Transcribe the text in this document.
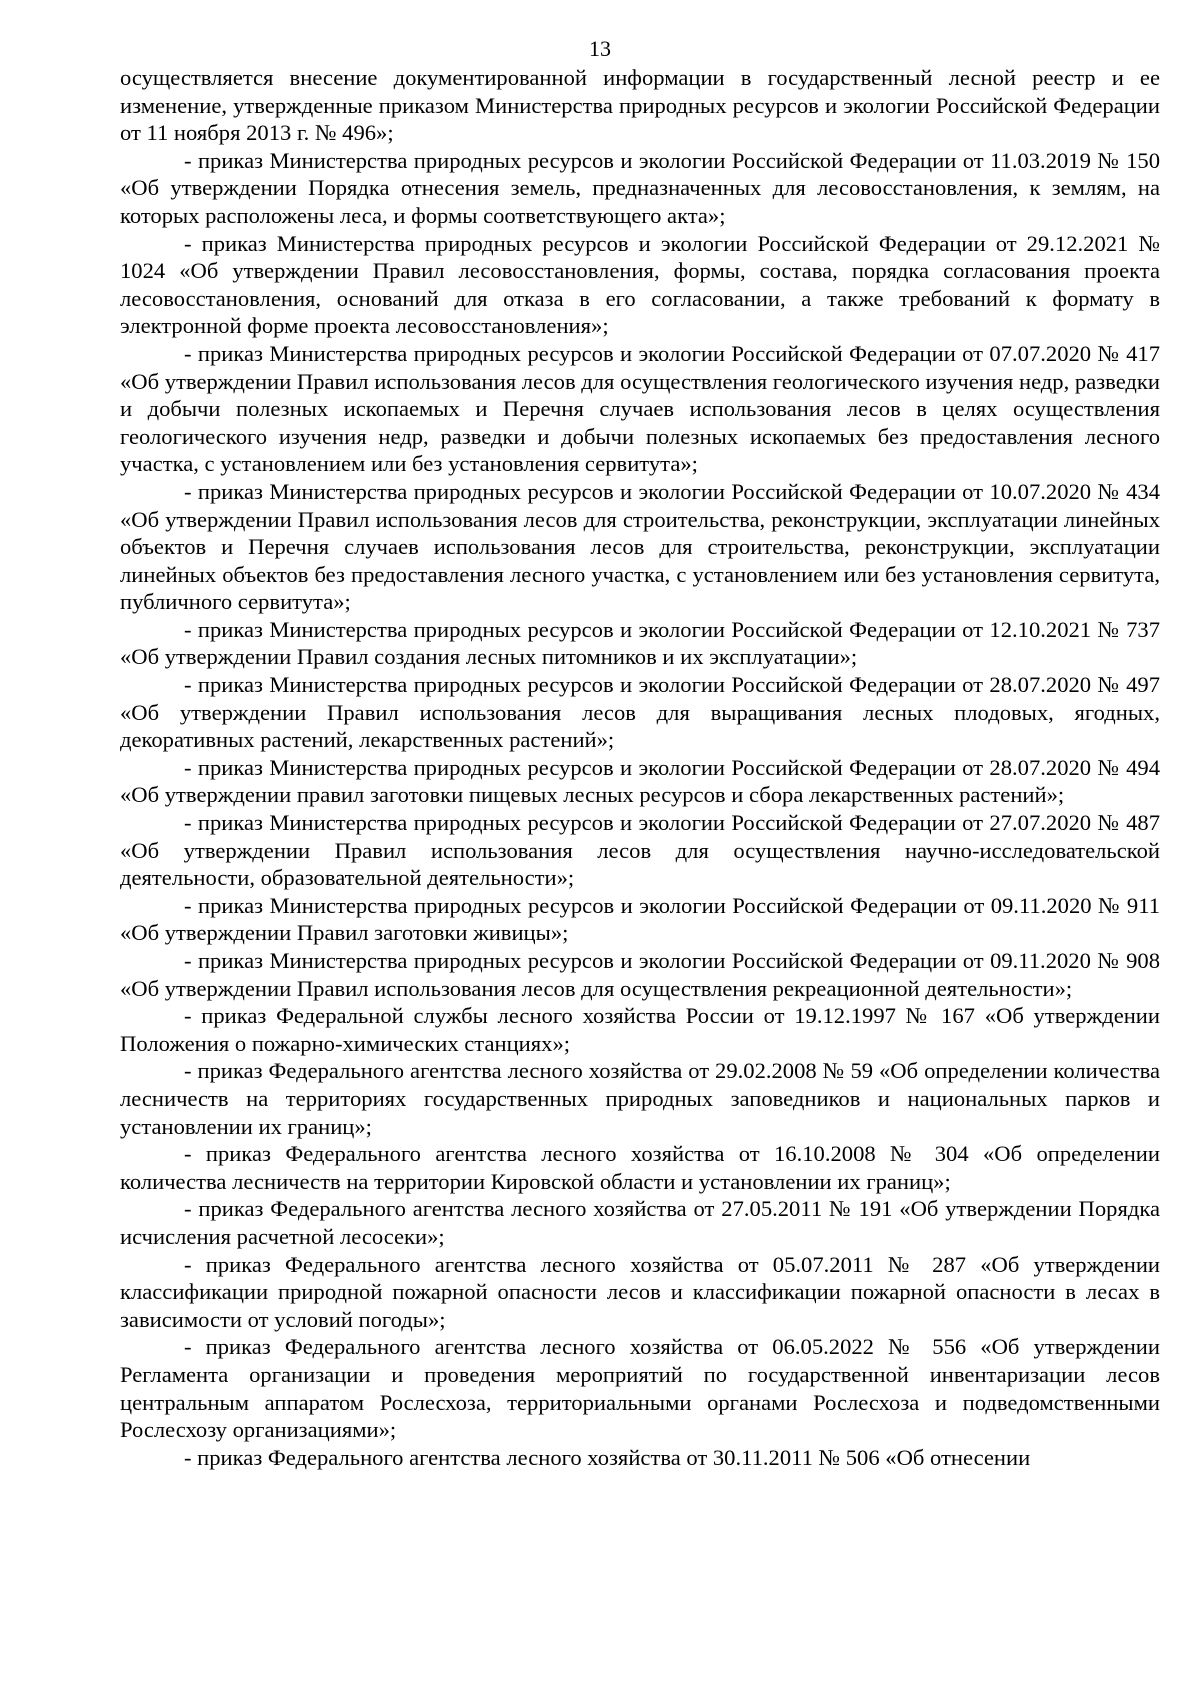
13

осуществляется внесение документированной информации в государственный лесной реестр и ее изменение, утвержденные приказом Министерства природных ресурсов и экологии Российской Федерации от 11 ноября 2013 г. № 496»;

- приказ Министерства природных ресурсов и экологии Российской Федерации от 11.03.2019 № 150 «Об утверждении Порядка отнесения земель, предназначенных для лесовосстановления, к землям, на которых расположены леса, и формы соответствующего акта»;

- приказ Министерства природных ресурсов и экологии Российской Федерации от 29.12.2021 № 1024 «Об утверждении Правил лесовосстановления, формы, состава, порядка согласования проекта лесовосстановления, оснований для отказа в его согласовании, а также требований к формату в электронной форме проекта лесовосстановления»;

- приказ Министерства природных ресурсов и экологии Российской Федерации от 07.07.2020 № 417 «Об утверждении Правил использования лесов для осуществления геологического изучения недр, разведки и добычи полезных ископаемых и Перечня случаев использования лесов в целях осуществления геологического изучения недр, разведки и добычи полезных ископаемых без предоставления лесного участка, с установлением или без установления сервитута»;

- приказ Министерства природных ресурсов и экологии Российской Федерации от 10.07.2020 № 434 «Об утверждении Правил использования лесов для строительства, реконструкции, эксплуатации линейных объектов и Перечня случаев использования лесов для строительства, реконструкции, эксплуатации линейных объектов без предоставления лесного участка, с установлением или без установления сервитута, публичного сервитута»;

- приказ Министерства природных ресурсов и экологии Российской Федерации от 12.10.2021 № 737 «Об утверждении Правил создания лесных питомников и их эксплуатации»;

- приказ Министерства природных ресурсов и экологии Российской Федерации от 28.07.2020 № 497 «Об утверждении Правил использования лесов для выращивания лесных плодовых, ягодных, декоративных растений, лекарственных растений»;

- приказ Министерства природных ресурсов и экологии Российской Федерации от 28.07.2020 № 494 «Об утверждении правил заготовки пищевых лесных ресурсов и сбора лекарственных растений»;

- приказ Министерства природных ресурсов и экологии Российской Федерации от 27.07.2020 № 487 «Об утверждении Правил использования лесов для осуществления научно-исследовательской деятельности, образовательной деятельности»;

- приказ Министерства природных ресурсов и экологии Российской Федерации от 09.11.2020 № 911 «Об утверждении Правил заготовки живицы»;

- приказ Министерства природных ресурсов и экологии Российской Федерации от 09.11.2020 № 908 «Об утверждении Правил использования лесов для осуществления рекреационной деятельности»;

- приказ Федеральной службы лесного хозяйства России от 19.12.1997 № 167 «Об утверждении Положения о пожарно-химических станциях»;

- приказ Федерального агентства лесного хозяйства от 29.02.2008 № 59 «Об определении количества лесничеств на территориях государственных природных заповедников и национальных парков и установлении их границ»;

- приказ Федерального агентства лесного хозяйства от 16.10.2008 № 304 «Об определении количества лесничеств на территории Кировской области и установлении их границ»;

- приказ Федерального агентства лесного хозяйства от 27.05.2011 № 191 «Об утверждении Порядка исчисления расчетной лесосеки»;

- приказ Федерального агентства лесного хозяйства от 05.07.2011 № 287 «Об утверждении классификации природной пожарной опасности лесов и классификации пожарной опасности в лесах в зависимости от условий погоды»;

- приказ Федерального агентства лесного хозяйства от 06.05.2022 № 556 «Об утверждении Регламента организации и проведения мероприятий по государственной инвентаризации лесов центральным аппаратом Рослесхоза, территориальными органами Рослесхоза и подведомственными Рослесхозу организациями»;

- приказ Федерального агентства лесного хозяйства от 30.11.2011 № 506 «Об отнесении
